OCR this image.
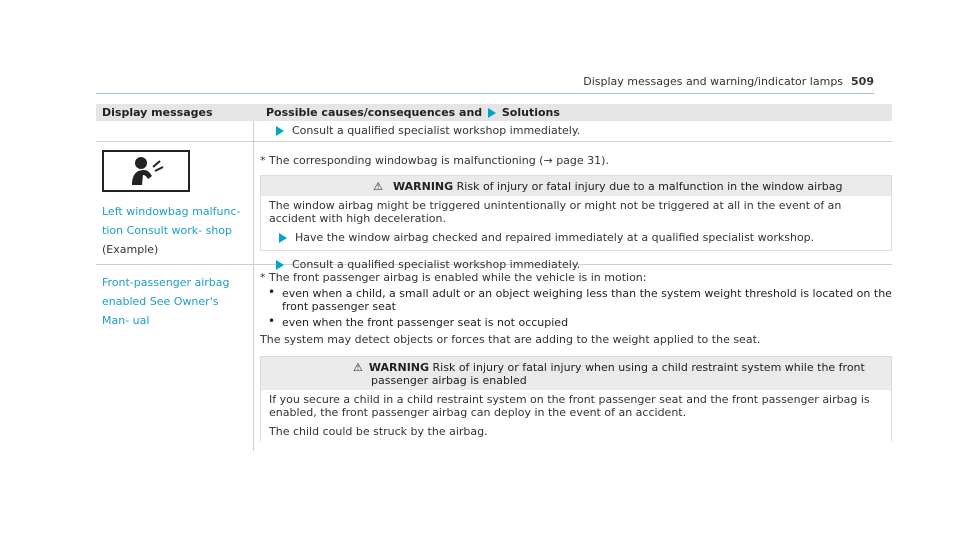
Display messages and warning/indicator lamps 509
Display messages	Possible causes/consequences and Solutions
Consult a qualified specialist workshop immediately.
Left windowbag malfunc- tion Consult work- shop (Example)
* The corresponding windowbag is malfunctioning (→ page 31).
⚠ WARNING Risk of injury or fatal injury due to a malfunction in the window airbag
The window airbag might be triggered unintentionally or might not be triggered at all in the event of an accident with high deceleration.
Have the window airbag checked and repaired immediately at a qualified specialist workshop.
Consult a qualified specialist workshop immediately.
Front-passenger airbag enabled See Owner's Man- ual
* The front passenger airbag is enabled while the vehicle is in motion:
• even when a child, a small adult or an object weighing less than the system weight threshold is located on the front passenger seat
• even when the front passenger seat is not occupied
The system may detect objects or forces that are adding to the weight applied to the seat.
⚠ WARNING Risk of injury or fatal injury when using a child restraint system while the front passenger airbag is enabled
If you secure a child in a child restraint system on the front passenger seat and the front passenger airbag is enabled, the front passenger airbag can deploy in the event of an accident.
The child could be struck by the airbag.
